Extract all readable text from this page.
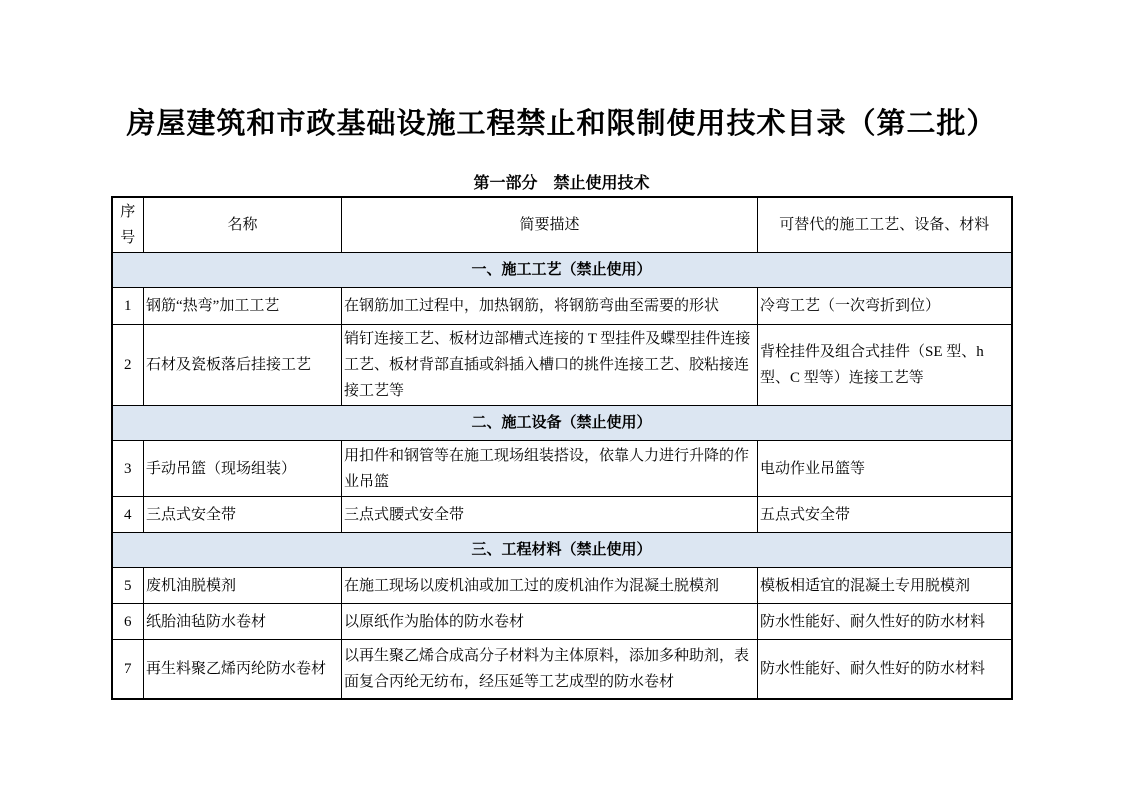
房屋建筑和市政基础设施工程禁止和限制使用技术目录（第二批）
第一部分　禁止使用技术
序号	名称	简要描述	可替代的施工工艺、设备、材料
一、施工工艺（禁止使用）			
1	钢筋“热弯”加工工艺	在钢筋加工过程中，加热钢筋，将钢筋弯曲至需要的形状	冷弯工艺（一次弯折到位）
2	石材及瓷板落后挂接工艺	销钉连接工艺、板材边部槽式连接的 T 型挂件及蝶型挂件连接工艺、板材背部直插或斜插入槽口的挑件连接工艺、胶粘接连接工艺等	背栓挂件及组合式挂件（SE 型、h 型、C 型等）连接工艺等
二、施工设备（禁止使用）			
3	手动吊篮（现场组装）	用扣件和钢管等在施工现场组装搭设，依靠人力进行升降的作业吊篮	电动作业吊篮等
4	三点式安全带	三点式腰式安全带	五点式安全带
三、工程材料（禁止使用）			
5	废机油脱模剂	在施工现场以废机油或加工过的废机油作为混凝土脱模剂	模板相适宜的混凝土专用脱模剂
6	纸胎油毡防水卷材	以原纸作为胎体的防水卷材	防水性能好、耐久性好的防水材料
7	再生料聚乙烯丙纶防水卷材	以再生聚乙烯合成高分子材料为主体原料，添加多种助剂，表面复合丙纶无纺布，经压延等工艺成型的防水卷材	防水性能好、耐久性好的防水材料
